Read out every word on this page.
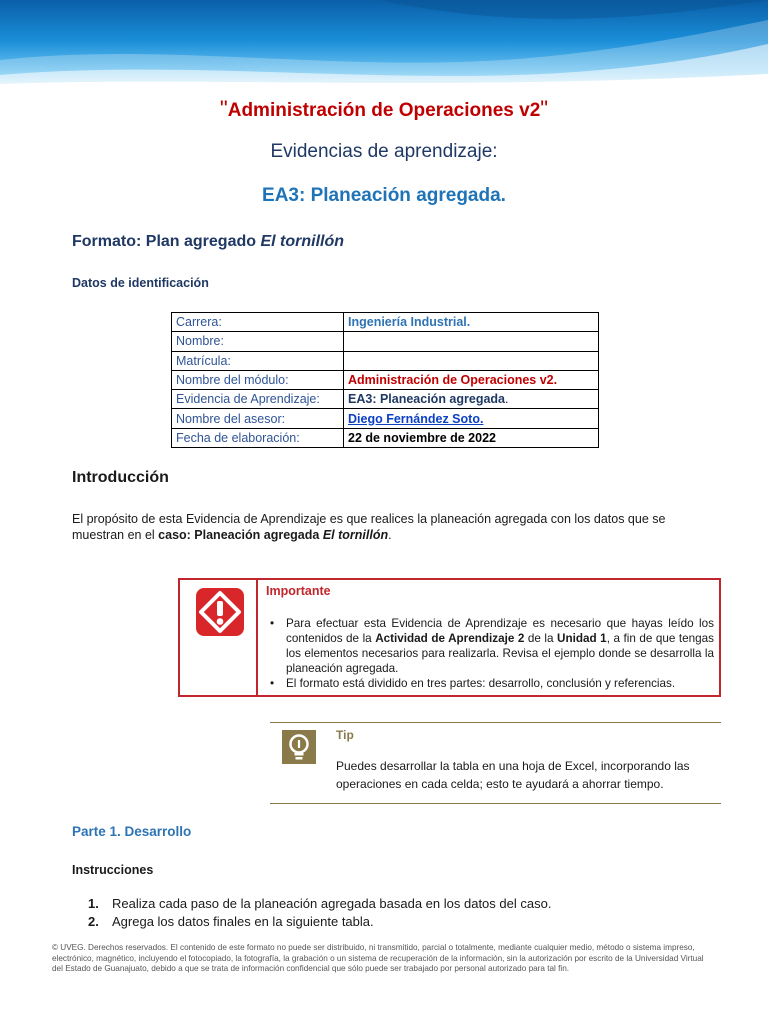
"Administración de Operaciones v2"
Evidencias de aprendizaje:
EA3: Planeación agregada.
Formato: Plan agregado El tornillón
Datos de identificación
Carrera:	Ingeniería Industrial.
Nombre:	
Matrícula:	
Nombre del módulo:	Administración de Operaciones v2.
Evidencia de Aprendizaje:	EA3: Planeación agregada.
Nombre del asesor:	Diego Fernández Soto.
Fecha de elaboración:	22 de noviembre de 2022
Introducción

El propósito de esta Evidencia de Aprendizaje es que realices la planeación agregada con los datos que se muestran en el caso: Planeación agregada El tornillón.

Importante
• Para efectuar esta Evidencia de Aprendizaje es necesario que hayas leído los contenidos de la Actividad de Aprendizaje 2 de la Unidad 1, a fin de que tengas los elementos necesarios para realizarla. Revisa el ejemplo donde se desarrolla la planeación agregada.
• El formato está dividido en tres partes: desarrollo, conclusión y referencias.
Tip
Puedes desarrollar la tabla en una hoja de Excel, incorporando las operaciones en cada celda; esto te ayudará a ahorrar tiempo.
Parte 1. Desarrollo
Instrucciones
1. Realiza cada paso de la planeación agregada basada en los datos del caso.
2. Agrega los datos finales en la siguiente tabla.
© UVEG. Derechos reservados. El contenido de este formato no puede ser distribuido, ni transmitido, parcial o totalmente, mediante cualquier medio, método o sistema impreso, electrónico, magnético, incluyendo el fotocopiado, la fotografía, la grabación o un sistema de recuperación de la información, sin la autorización por escrito de la Universidad Virtual del Estado de Guanajuato, debido a que se trata de información confidencial que sólo puede ser trabajado por personal autorizado para tal fin.
